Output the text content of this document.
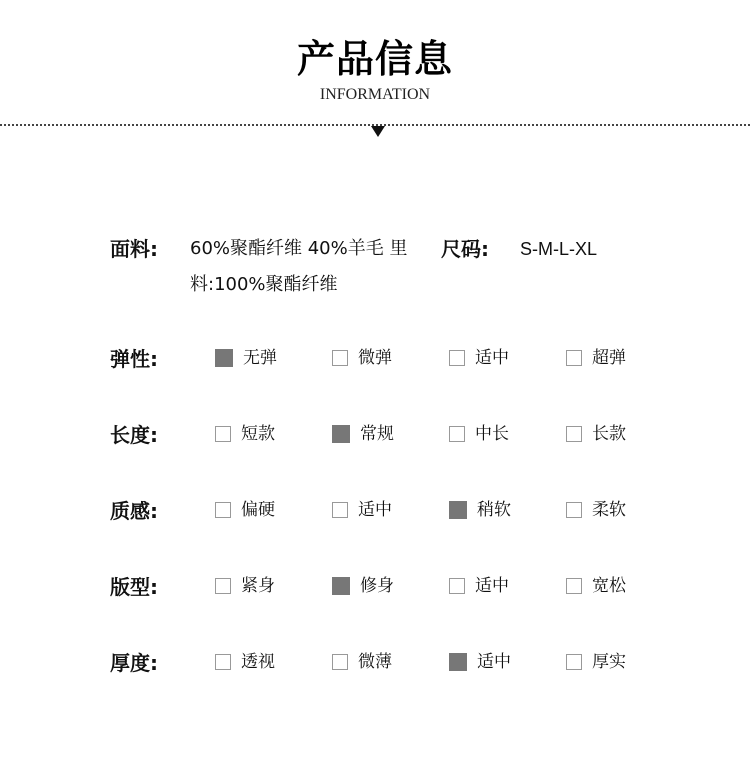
产品信息
INFORMATION
面料: 60%聚酯纤维 40%羊毛 里
料:100%聚酯纤维
尺码: S-M-L-XL
弹性:	无弹	微弹	适中	超弹
长度:	短款	常规	中长	长款
质感:	偏硬	适中	稍软	柔软
版型:	紧身	修身	适中	宽松
厚度:	透视	微薄	适中	厚实
